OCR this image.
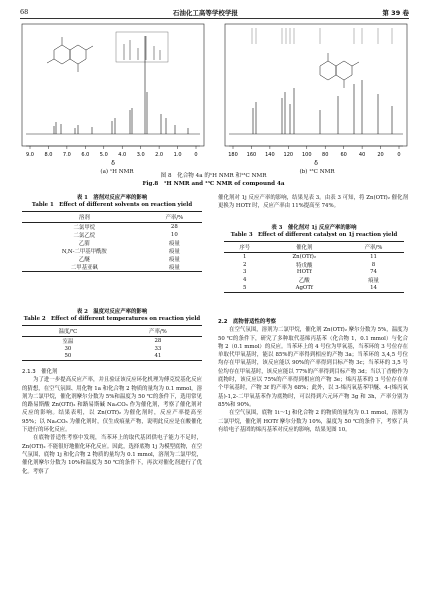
68	石油化工高等学校学报	第 39 卷
9.0 8.0 7.0 6.0 5.0 4.0 3.0 2.0 1.0	0
δ
180 160 140 120 100 80 60 40 20	0
δ
(a) ¹H NMR	(b) ¹³C NMR
图 8　化合物 4a 的¹H NMR 和¹³C NMR
Fig.8　¹H NMR and ¹³C NMR of compound 4a
表 1　溶剂对反应产率的影响
Table 1　Effect of different solvents on reaction yield
溶剂	产率/%
二氯甲烷	28
二氯乙烷	10
乙腈	痕量
N,N-二甲基甲酰胺	痕量
乙醚	痕量
二甲基亚砜	痕量
表 2　温度对反应产率的影响
Table 2　Effect of different temperatures on reaction yield
温度/℃	产率/%
室温	28
30	33
50	41
2.1.3　催化剂

为了进一步提高反应产率，并且验证该反应环化机理为傅克烷基化反应的猜想，在空气氛围、用化物 1a 和化合物 2 物质的量均为 0.1 mmol，溶剂为二氯甲烷，催化剂摩尔分数为 5%和温度为 50 ℃的条件下，选用常见的路易斯酸 Zn(OTf)₂ 和路易斯碱 Na₂CO₃ 作为催化剂，考察了催化剂对反应的影响。结果表明，以 Zn(OTf)₂ 为催化剂时，反应产率提高至 95%；以 Na₂CO₃ 为催化剂时，仅生成痕量产物，说明此反应是在酸催化下进行的环化反应。

在底物普适性考察中发现，当苯环上的取代基团供电子能力不足时，Zn(OTf)₂ 不能很好地催化环化反应。因此，选择底物 1j 为模型底物，在空气氛围，底物 1j 和化合物 2 物质的量均为 0.1 mmol，溶剂为二氯甲烷，催化剂摩尔分数为 10%和温度为 50 ℃的条件下，再次对催化剂进行了优化。考察了

催化剂对 1j 反应产率的影响，结果见表 3。由表 3 可知，将 Zn(OTf)₂ 催化剂更换为 HOTf 时，反应产率由 11%提高至 74%。

表 3　催化剂对 1j 反应产率的影响
Table 3　Effect of different catalyst on 1j reaction yield
序号	催化剂	产率/%
1	Zn(OTf)₂	11
2	特戊酸	8
3	HOTf	74
4	乙酸	痕量
5	AgOTf	14
2.2　底物普适性的考察

在空气氛围，溶剂为二氯甲烷，催化剂 Zn(OTf)₂ 摩尔分数为 5%，温度为 50 ℃的条件下，研究了多种取代基烯丙基苯（化合物 1，0.1 mmol）与化合物 2（0.1 mmol）的反应。当苯环上的 4 号位为甲氧基，当苯环的 3 号位存在单取代甲氧基时，能以 85%的产率得到相应的产物 3a；当苯环的 3,4,5 号位均存在甲氧基时，该反应能以 90%的产率得到目标产物 3c；当苯环的 3,5 号位均存在甲氧基时，该反应能以 77%的产率得到目标产物 3d；当以丁香酚作为底物时，该反应以 75%的产率得到相应的产物 3e；烯丙基苯的 3 号位存在单个甲氧基时，产物 3f 的产率为 68%；此外，以 3-烯丙氧基苯甲醚、4-(烯丙氧基)-1,2-二甲氧基苯作为底物时，可以得到六元环产物 3g 和 3h，产率分别为 85%和 90%。

在空气氛围，底物 1i～1j 和化合物 2 的物质的量均为 0.1 mmol，溶剂为二氯甲烷，催化剂 HOTf 摩尔分数为 10%，温度为 50 ℃的条件下，考察了具有给电子基团的烯丙基苯对反应的影响，结果见图 10。
